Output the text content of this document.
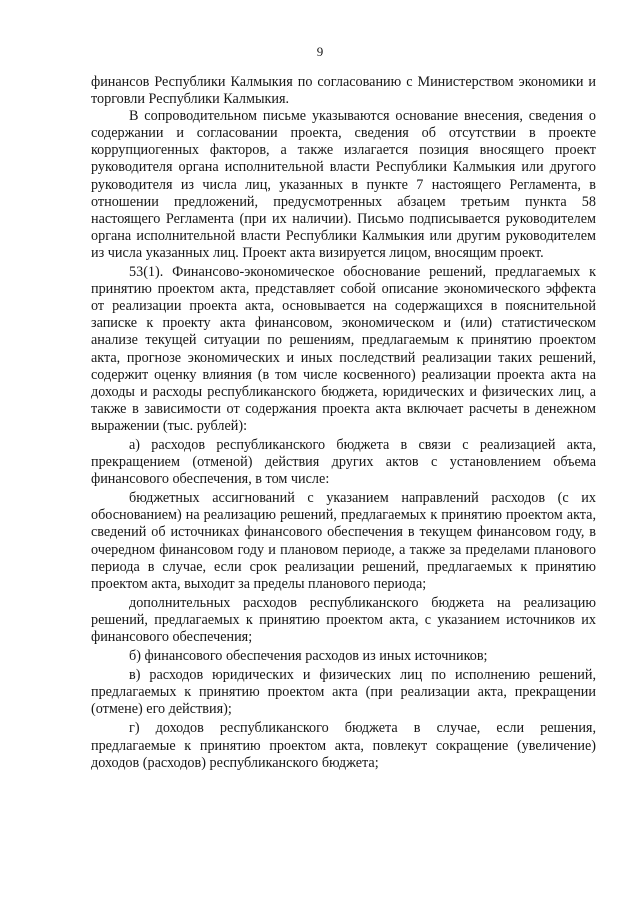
9

финансов Республики Калмыкия по согласованию с Министерством экономики и торговли Республики Калмыкия.

В сопроводительном письме указываются основание внесения, сведения о содержании и согласовании проекта, сведения об отсутствии в проекте коррупциогенных факторов, а также излагается позиция вносящего проект руководителя органа исполнительной власти Республики Калмыкия или другого руководителя из числа лиц, указанных в пункте 7 настоящего Регламента, в отношении предложений, предусмотренных абзацем третьим пункта 58 настоящего Регламента (при их наличии). Письмо подписывается руководителем органа исполнительной власти Республики Калмыкия или другим руководителем из числа указанных лиц. Проект акта визируется лицом, вносящим проект.

53(1). Финансово-экономическое обоснование решений, предлагаемых к принятию проектом акта, представляет собой описание экономического эффекта от реализации проекта акта, основывается на содержащихся в пояснительной записке к проекту акта финансовом, экономическом и (или) статистическом анализе текущей ситуации по решениям, предлагаемым к принятию проектом акта, прогнозе экономических и иных последствий реализации таких решений, содержит оценку влияния (в том числе косвенного) реализации проекта акта на доходы и расходы республиканского бюджета, юридических и физических лиц, а также в зависимости от содержания проекта акта включает расчеты в денежном выражении (тыс. рублей):

а) расходов республиканского бюджета в связи с реализацией акта, прекращением (отменой) действия других актов с установлением объема финансового обеспечения, в том числе:

бюджетных ассигнований с указанием направлений расходов (с их обоснованием) на реализацию решений, предлагаемых к принятию проектом акта, сведений об источниках финансового обеспечения в текущем финансовом году, в очередном финансовом году и плановом периоде, а также за пределами планового периода в случае, если срок реализации решений, предлагаемых к принятию проектом акта, выходит за пределы планового периода;

дополнительных расходов республиканского бюджета на реализацию решений, предлагаемых к принятию проектом акта, с указанием источников их финансового обеспечения;

б) финансового обеспечения расходов из иных источников;

в) расходов юридических и физических лиц по исполнению решений, предлагаемых к принятию проектом акта (при реализации акта, прекращении (отмене) его действия);

г) доходов республиканского бюджета в случае, если решения, предлагаемые к принятию проектом акта, повлекут сокращение (увеличение) доходов (расходов) республиканского бюджета;
